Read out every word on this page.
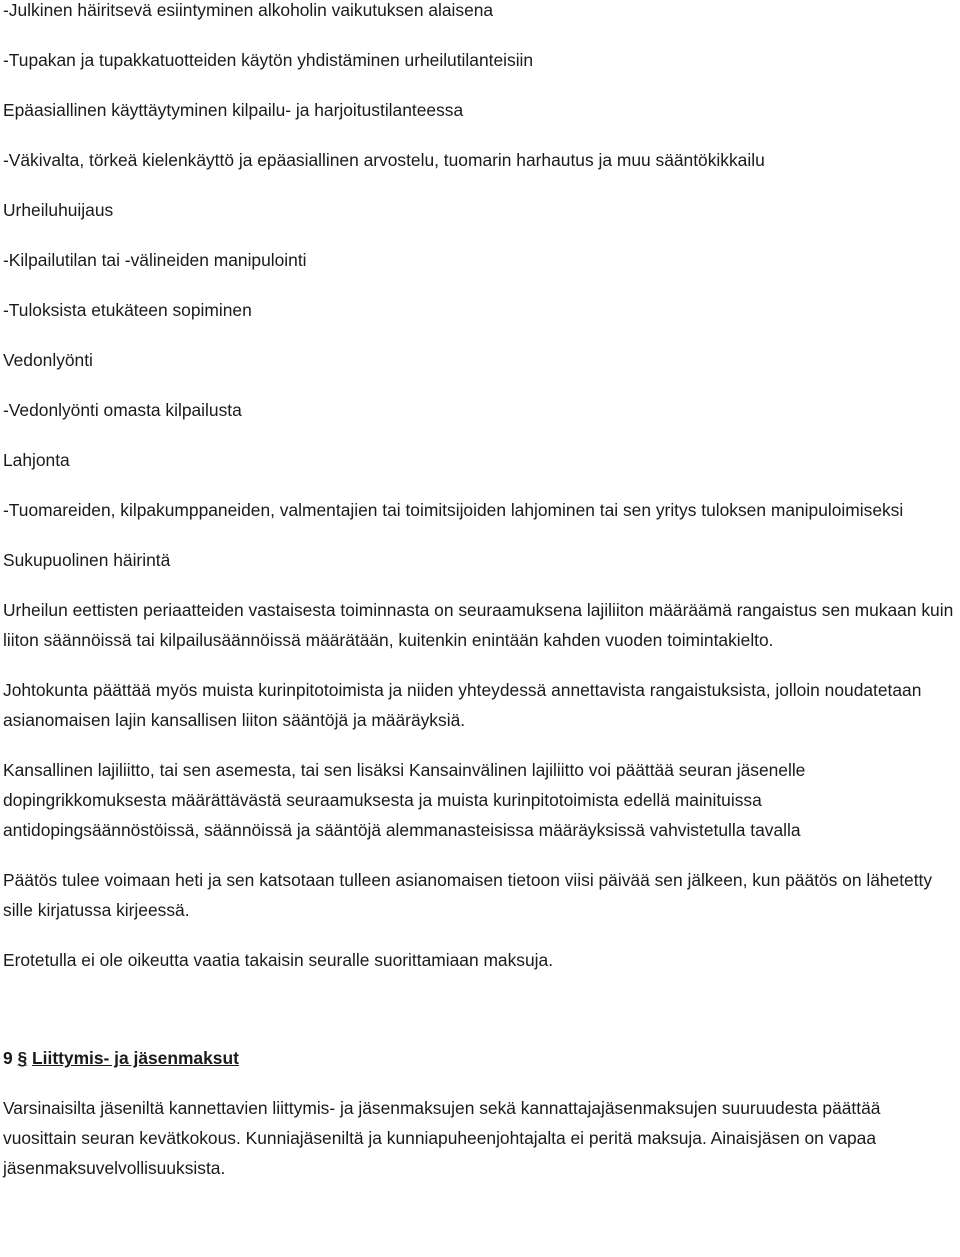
-Julkinen häiritsevä esiintyminen alkoholin vaikutuksen alaisena

-Tupakan ja tupakkatuotteiden käytön yhdistäminen urheilutilanteisiin

Epäasiallinen käyttäytyminen kilpailu- ja harjoitustilanteessa

-Väkivalta, törkeä kielenkäyttö ja epäasiallinen arvostelu, tuomarin harhautus ja muu sääntökikkailu

Urheiluhuijaus

-Kilpailutilan tai -välineiden manipulointi

-Tuloksista etukäteen sopiminen

Vedonlyönti

-Vedonlyönti omasta kilpailusta

Lahjonta

-Tuomareiden, kilpakumppaneiden, valmentajien tai toimitsijoiden lahjominen tai sen yritys tuloksen manipuloimiseksi

Sukupuolinen häirintä

Urheilun eettisten periaatteiden vastaisesta toiminnasta on seuraamuksena lajiliiton määräämä rangaistus sen mukaan kuin liiton säännöissä tai kilpailusäännöissä määrätään, kuitenkin enintään kahden vuoden toimintakielto.

Johtokunta päättää myös muista kurinpitotoimista ja niiden yhteydessä annettavista rangaistuksista, jolloin noudatetaan asianomaisen lajin kansallisen liiton sääntöjä ja määräyksiä.

Kansallinen lajiliitto, tai sen asemesta, tai sen lisäksi Kansainvälinen lajiliitto voi päättää seuran jäsenelle dopingrikkomuksesta määrättävästä seuraamuksesta ja muista kurinpitotoimista edellä mainituissa antidopingsäännöstöissä, säännöissä ja sääntöjä alemmanasteisissa määräyksissä vahvistetulla tavalla

Päätös tulee voimaan heti ja sen katsotaan tulleen asianomaisen tietoon viisi päivää sen jälkeen, kun päätös on lähetetty sille kirjatussa kirjeessä.

Erotetulla ei ole oikeutta vaatia takaisin seuralle suorittamiaan maksuja.

9 § Liittymis- ja jäsenmaksut

Varsinaisilta jäseniltä kannettavien liittymis- ja jäsenmaksujen sekä kannattajajäsenmaksujen suuruudesta päättää vuosittain seuran kevätkokous. Kunniajäseniltä ja kunniapuheenjohtajalta ei peritä maksuja. Ainaisjäsen on vapaa jäsenmaksuvelvollisuuksista.
